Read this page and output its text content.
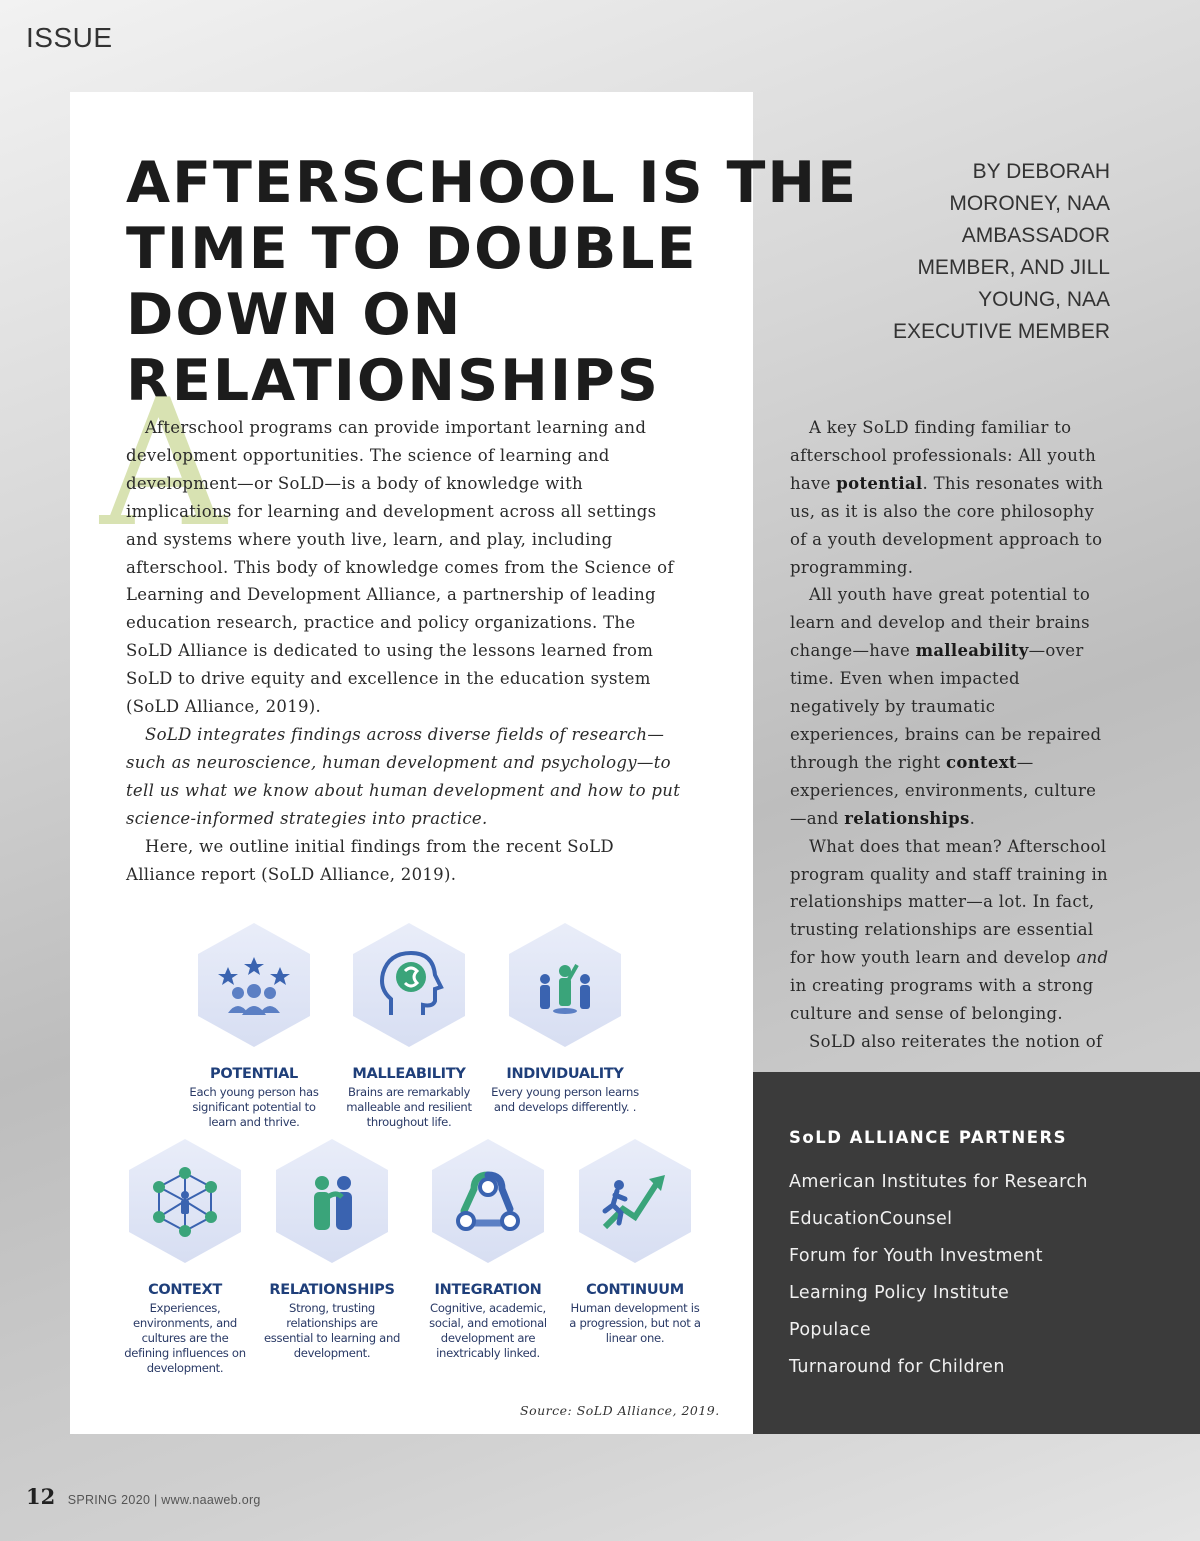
ISSUE
AFTERSCHOOL IS THE TIME TO DOUBLE DOWN ON RELATIONSHIPS
BY DEBORAH MORONEY, NAA AMBASSADOR MEMBER, AND JILL YOUNG, NAA EXECUTIVE MEMBER
A

Afterschool programs can provide important learning and development opportunities. The science of learning and development—or SoLD—is a body of knowledge with implications for learning and development across all settings and systems where youth live, learn, and play, including afterschool. This body of knowledge comes from the Science of Learning and Development Alliance, a partnership of leading education research, practice and policy organizations. The SoLD Alliance is dedicated to using the lessons learned from SoLD to drive equity and excellence in the education system (SoLD Alliance, 2019).

SoLD integrates findings across diverse fields of research—such as neuroscience, human development and psychology—to tell us what we know about human development and how to put science-informed strategies into practice.

Here, we outline initial findings from the recent SoLD Alliance report (SoLD Alliance, 2019).

A key SoLD finding familiar to afterschool professionals: All youth have potential. This resonates with us, as it is also the core philosophy of a youth development approach to programming.

All youth have great potential to learn and develop and their brains change—have malleability—over time. Even when impacted negatively by traumatic experiences, brains can be repaired through the right context—experiences, environments, culture—and relationships.

What does that mean? Afterschool program quality and staff training in relationships matter—a lot. In fact, trusting relationships are essential for how youth learn and develop and in creating programs with a strong culture and sense of belonging.

SoLD also reiterates the notion of

POTENTIAL
Each young person has significant potential to learn and thrive.
MALLEABILITY
Brains are remarkably malleable and resilient throughout life.
INDIVIDUALITY
Every young person learns and develops differently. .
CONTEXT
Experiences, environments, and cultures are the defining influences on development.
RELATIONSHIPS
Strong, trusting relationships are essential to learning and development.
INTEGRATION
Cognitive, academic, social, and emotional development are inextricably linked.
CONTINUUM
Human development is a progression, but not a linear one.
Source: SoLD Alliance, 2019.
SoLD ALLIANCE PARTNERS
American Institutes for Research
EducationCounsel
Forum for Youth Investment
Learning Policy Institute
Populace
Turnaround for Children
12 SPRING 2020 | www.naaweb.org
